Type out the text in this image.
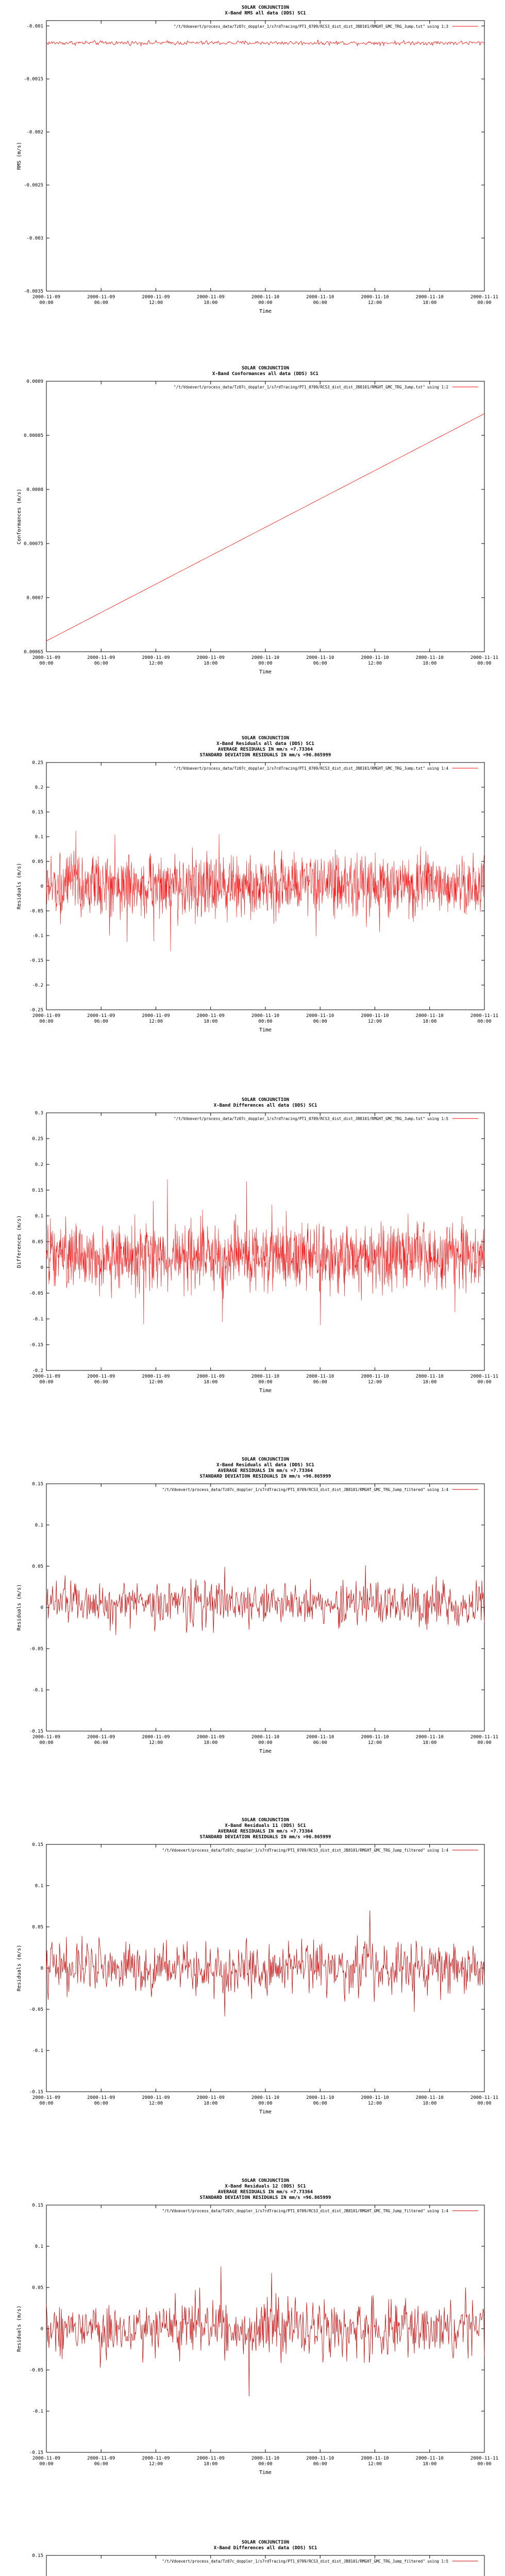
SOLAR CONJUNCTION
X-Band RMS all data (DDS) SC1
-0.001
-0.0015
-0.002
-0.0025
-0.003
-0.0035
2000-11-09 00:00
2000-11-09 06:00
2000-11-09 12:00
2000-11-09 18:00
2000-11-10 00:00
2000-11-10 06:00
2000-11-10 12:00
2000-11-10 18:00
2000-11-11 00:00
Time
RMS (m/s)
"/t/Vdoevert/process_data/Tz07c_doppler_1/s7rdTracing/PT1_0709/RCS3_dist_dist_JB8101/RMGHT_GMC_TRG_Jump.txt" using 1:3
SOLAR CONJUNCTION
X-Band Conformances all data (DDS) SC1
0.0009
0.00085
0.0008
0.00075
0.0007
0.00065
2000-11-09 00:00
2000-11-09 06:00
2000-11-09 12:00
2000-11-09 18:00
2000-11-10 00:00
2000-11-10 06:00
2000-11-10 12:00
2000-11-10 18:00
2000-11-11 00:00
Time
Conformances (m/s)
"/t/Vdoevert/process_data/Tz07c_doppler_1/s7rdTracing/PT1_0709/RCS3_dist_dist_JB8101/RMGHT_GMC_TRG_Jump.txt" using 1:2
SOLAR CONJUNCTION
X-Band Residuals all data (DDS) SC1
AVERAGE RESIDUALS IN mm/s =7.73364
STANDARD DEVIATION RESIDUALS IN mm/s =96.865999
0.25
0.2
0.15
0.1
0.05
0
-0.05
-0.1
-0.15
-0.2
-0.25
2000-11-09 00:00
2000-11-09 06:00
2000-11-09 12:00
2000-11-09 18:00
2000-11-10 00:00
2000-11-10 06:00
2000-11-10 12:00
2000-11-10 18:00
2000-11-11 00:00
Time
Residuals (m/s)
"/t/Vdoevert/process_data/Tz07c_doppler_1/s7rdTracing/PT1_0709/RCS3_dist_dist_JB8101/RMGHT_GMC_TRG_Jump.txt" using 1:4
SOLAR CONJUNCTION
X-Band Differences all data (DDS) SC1
0.3
0.25
0.2
0.15
0.1
0.05
0
-0.05
-0.1
-0.15
-0.2
2000-11-09 00:00
2000-11-09 06:00
2000-11-09 12:00
2000-11-09 18:00
2000-11-10 00:00
2000-11-10 06:00
2000-11-10 12:00
2000-11-10 18:00
2000-11-11 00:00
Time
Differences (m/s)
"/t/Vdoevert/process_data/Tz07c_doppler_1/s7rdTracing/PT1_0709/RCS3_dist_dist_JB8101/RMGHT_GMC_TRG_Jump.txt" using 1:5
SOLAR CONJUNCTION
X-Band Residuals all data (DDS) SC1
AVERAGE RESIDUALS IN mm/s =7.73364
STANDARD DEVIATION RESIDUALS IN mm/s =96.865999
0.15
0.1
0.05
0
-0.05
-0.1
-0.15
2000-11-09 00:00
2000-11-09 06:00
2000-11-09 12:00
2000-11-09 18:00
2000-11-10 00:00
2000-11-10 06:00
2000-11-10 12:00
2000-11-10 18:00
2000-11-11 00:00
Time
Residuals (m/s)
"/t/Vdoevert/process_data/Tz07c_doppler_1/s7rdTracing/PT1_0709/RCS3_dist_dist_JB8101/RMGHT_GMC_TRG_Jump_filtered" using 1:4
SOLAR CONJUNCTION
X-Band Residuals 11 (DDS) SC1
AVERAGE RESIDUALS IN mm/s =7.73364
STANDARD DEVIATION RESIDUALS IN mm/s =96.865999
0.15
0.1
0.05
0
-0.05
-0.1
-0.15
2000-11-09 00:00
2000-11-09 06:00
2000-11-09 12:00
2000-11-09 18:00
2000-11-10 00:00
2000-11-10 06:00
2000-11-10 12:00
2000-11-10 18:00
2000-11-11 00:00
Time
Residuals (m/s)
"/t/Vdoevert/process_data/Tz07c_doppler_1/s7rdTracing/PT1_0709/RCS3_dist_dist_JB8101/RMGHT_GMC_TRG_Jump_filtered" using 1:4
SOLAR CONJUNCTION
X-Band Residuals 12 (DDS) SC1
AVERAGE RESIDUALS IN mm/s =7.73364
STANDARD DEVIATION RESIDUALS IN mm/s =96.865999
0.15
0.1
0.05
0
-0.05
-0.1
-0.15
2000-11-09 00:00
2000-11-09 06:00
2000-11-09 12:00
2000-11-09 18:00
2000-11-10 00:00
2000-11-10 06:00
2000-11-10 12:00
2000-11-10 18:00
2000-11-11 00:00
Time
Residuals (m/s)
"/t/Vdoevert/process_data/Tz07c_doppler_1/s7rdTracing/PT1_0709/RCS3_dist_dist_JB8101/RMGHT_GMC_TRG_Jump_filtered" using 1:4
SOLAR CONJUNCTION
X-Band Differences all data (DDS) SC1
0.15
"/t/Vdoevert/process_data/Tz07c_doppler_1/s7rdTracing/PT1_0709/RCS3_dist_dist_JB8101/RMGHT_GMC_TRG_Jump_filtered" using 1:5
